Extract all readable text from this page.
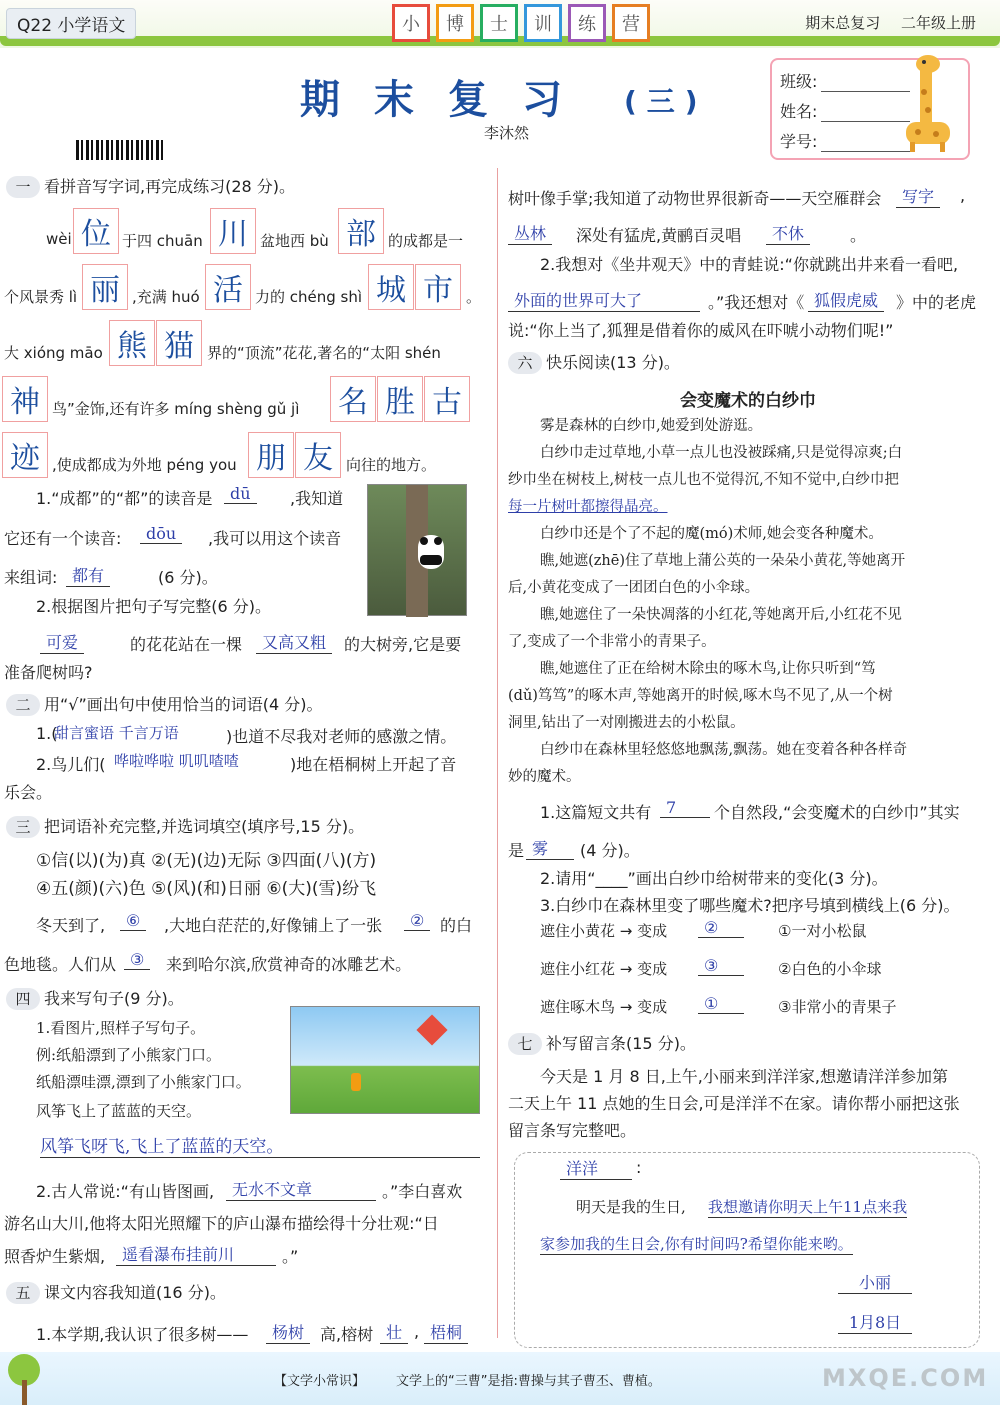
Q22 小学语文	小	博	士	训	练	营	期末总复习 二年级上册
期末复习 (三)
李沐然
班级:
姓名:
学号:
一 看拼音写字词,再完成练习(28 分)。
wèi 位 于四 chuān 川 盆地西 bù 部 的成都是一
个风景秀 lì 丽 ,充满 huó 活 力的 chéng shì 城 市 。
大 xióng māo 熊 猫 界的“顶流”花花,著名的“太阳 shén
神 鸟”金饰,还有许多 míng shèng gǔ jì 名 胜 古
迹 ,使成都成为外地 péng you 朋 友 向往的地方。
1.“成都”的“都”的读音是	dū	,我知道
它还有一个读音:	dōu	,我可以用这个读音
来组词: 都有	(6 分)。
2.根据图片把句子写完整(6 分)。
可爱	的花花站在一棵	又高又粗	的大树旁,它是要
准备爬树吗?
二 用“√”画出句中使用恰当的词语(4 分)。
1.(
甜言蜜语 千言万语	)也道不尽我对老师的感激之情。
2.鸟儿们( 哗啦哗啦 叽叽喳喳	)地在梧桐树上开起了音
乐会。
三 把词语补充完整,并选词填空(填序号,15 分)。
①信(以)(为)真 ②(无)(边)无际 ③四面(八)(方)
④五(颜)(六)色 ⑤(风)(和)日丽 ⑥(大)(雪)纷飞
冬天到了,	⑥	,大地白茫茫的,好像铺上了一张	② 的白
色地毯。人们从 ③	来到哈尔滨,欣赏神奇的冰雕艺术。
四 我来写句子(9 分)。
1.看图片,照样子写句子。
例:纸船漂到了小熊家门口。
纸船漂哇漂,漂到了小熊家门口。
风筝飞上了蓝蓝的天空。
风筝飞呀飞,飞上了蓝蓝的天空。
2.古人常说:“有山皆图画,	无水不文章	。”李白喜欢
游名山大川,他将太阳光照耀下的庐山瀑布描绘得十分壮观:“日
照香炉生紫烟,	遥看瀑布挂前川	。”
五 课文内容我知道(16 分)。
1.本学期,我认识了很多树——	杨树 高,榕树 壮 , 梧桐
树叶像手掌;我知道了动物世界很新奇——天空雁群会	写字	,
丛林	深处有猛虎,黄鹂百灵唱	不休	。
2.我想对《坐井观天》中的青蛙说:“你就跳出井来看一看吧,
外面的世界可大了	。”我还想对《 狐假虎威	》中的老虎
说:“你上当了,狐狸是借着你的威风在吓唬小动物们呢!”
六 快乐阅读(13 分)。
会变魔术的白纱巾
雾是森林的白纱巾,她爱到处游逛。
白纱巾走过草地,小草一点儿也没被踩痛,只是觉得凉爽;白
纱巾坐在树枝上,树枝一点儿也不觉得沉,不知不觉中,白纱巾把
每一片树叶都擦得晶亮。
白纱巾还是个了不起的魔(mó)术师,她会变各种魔术。
瞧,她遮(zhē)住了草地上蒲公英的一朵朵小黄花,等她离开
后,小黄花变成了一团团白色的小伞球。
瞧,她遮住了一朵快凋落的小红花,等她离开后,小红花不见
了,变成了一个非常小的青果子。
瞧,她遮住了正在给树木除虫的啄木鸟,让你只听到“笃
(dǔ)笃笃”的啄木声,等她离开的时候,啄木鸟不见了,从一个树
洞里,钻出了一对刚搬进去的小松鼠。
白纱巾在森林里轻悠悠地飘荡,飘荡。她在变着各种各样奇
妙的魔术。
1.这篇短文共有 7	个自然段,“会变魔术的白纱巾”其实
是 雾	(4 分)。
2.请用“____”画出白纱巾给树带来的变化(3 分)。
3.白纱巾在森林里变了哪些魔术?把序号填到横线上(6 分)。
遮住小黄花 → 变成	②	①一对小松鼠
遮住小红花 → 变成	③	②白色的小伞球
遮住啄木鸟 → 变成	①	③非常小的青果子
七 补写留言条(15 分)。
今天是 1 月 8 日,上午,小丽来到洋洋家,想邀请洋洋参加第
二天上午 11 点她的生日会,可是洋洋不在家。请你帮小丽把这张
留言条写完整吧。
洋洋	:
明天是我的生日, 我想邀请你明天上午11点来我
家参加我的生日会,你有时间吗?希望你能来哟。
小丽
1月8日
【文学小常识】 文学上的“三曹”是指:曹操与其子曹丕、曹植。	MXQE.COM
